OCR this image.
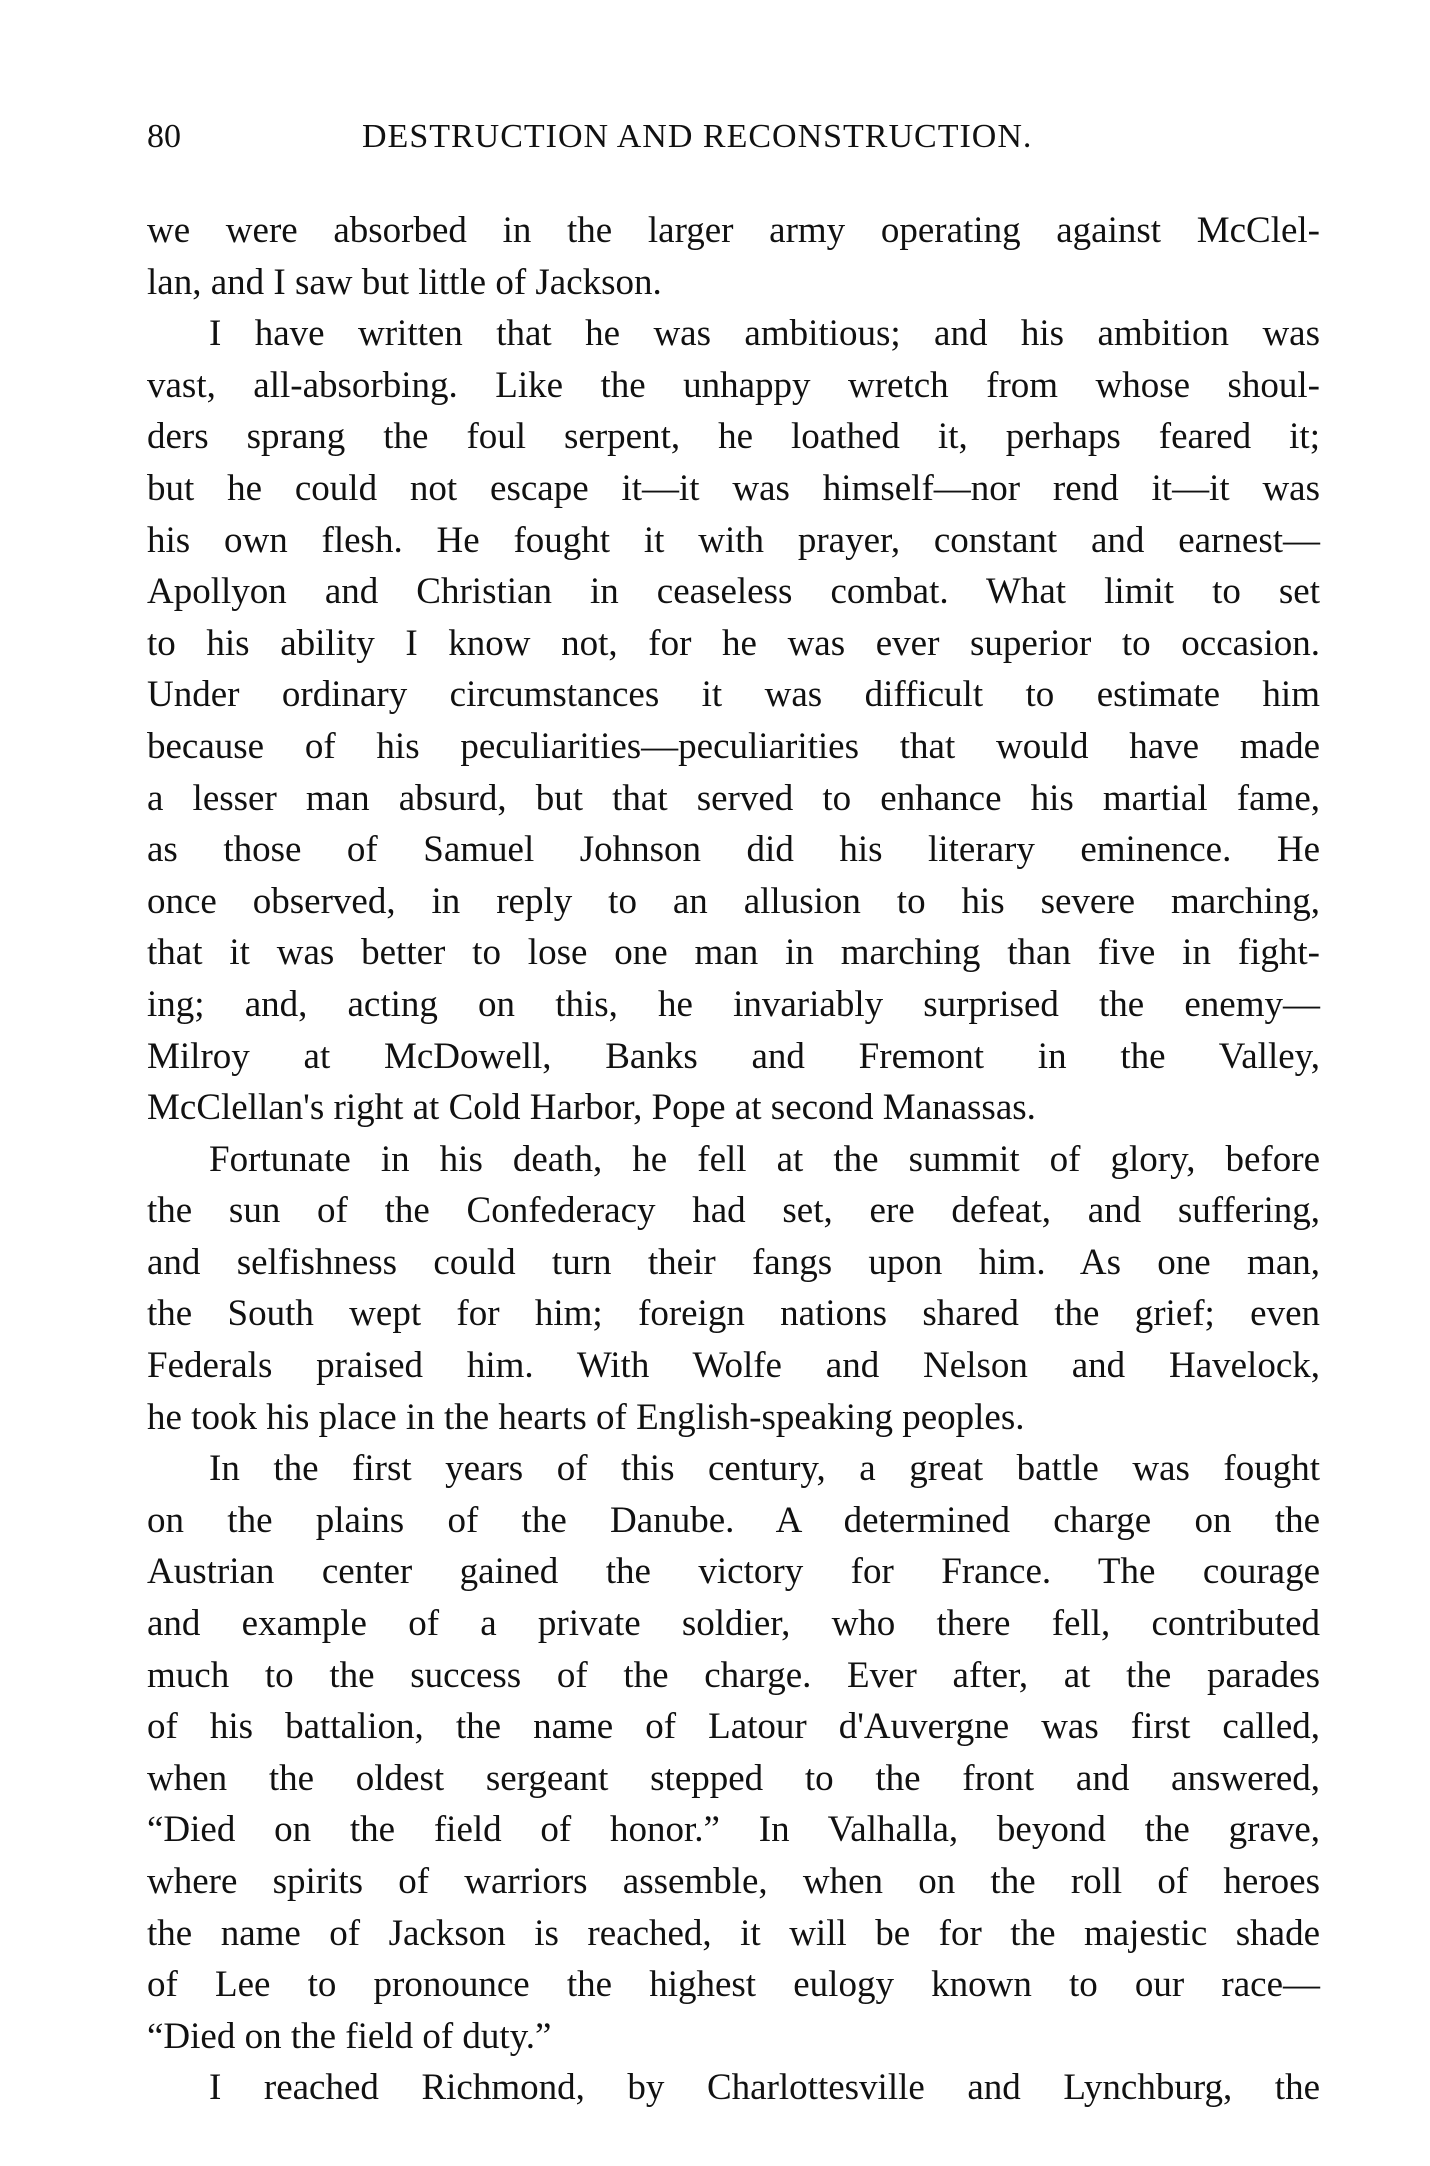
80	DESTRUCTION AND RECONSTRUCTION.
we were absorbed in the larger army operating against McClel-
lan, and I saw but little of Jackson.
I have written that he was ambitious; and his ambition was
vast, all-absorbing. Like the unhappy wretch from whose shoul-
ders sprang the foul serpent, he loathed it, perhaps feared it;
but he could not escape it—it was himself—nor rend it—it was
his own flesh. He fought it with prayer, constant and earnest—
Apollyon and Christian in ceaseless combat. What limit to set
to his ability I know not, for he was ever superior to occasion.
Under ordinary circumstances it was difficult to estimate him
because of his peculiarities—peculiarities that would have made
a lesser man absurd, but that served to enhance his martial fame,
as those of Samuel Johnson did his literary eminence. He
once observed, in reply to an allusion to his severe marching,
that it was better to lose one man in marching than five in fight-
ing; and, acting on this, he invariably surprised the enemy—
Milroy at McDowell, Banks and Fremont in the Valley,
McClellan's right at Cold Harbor, Pope at second Manassas.
Fortunate in his death, he fell at the summit of glory, before
the sun of the Confederacy had set, ere defeat, and suffering,
and selfishness could turn their fangs upon him. As one man,
the South wept for him; foreign nations shared the grief; even
Federals praised him. With Wolfe and Nelson and Havelock,
he took his place in the hearts of English-speaking peoples.
In the first years of this century, a great battle was fought
on the plains of the Danube. A determined charge on the
Austrian center gained the victory for France. The courage
and example of a private soldier, who there fell, contributed
much to the success of the charge. Ever after, at the parades
of his battalion, the name of Latour d'Auvergne was first called,
when the oldest sergeant stepped to the front and answered,
“Died on the field of honor.” In Valhalla, beyond the grave,
where spirits of warriors assemble, when on the roll of heroes
the name of Jackson is reached, it will be for the majestic shade
of Lee to pronounce the highest eulogy known to our race—
“Died on the field of duty.”
I reached Richmond, by Charlottesville and Lynchburg, the
